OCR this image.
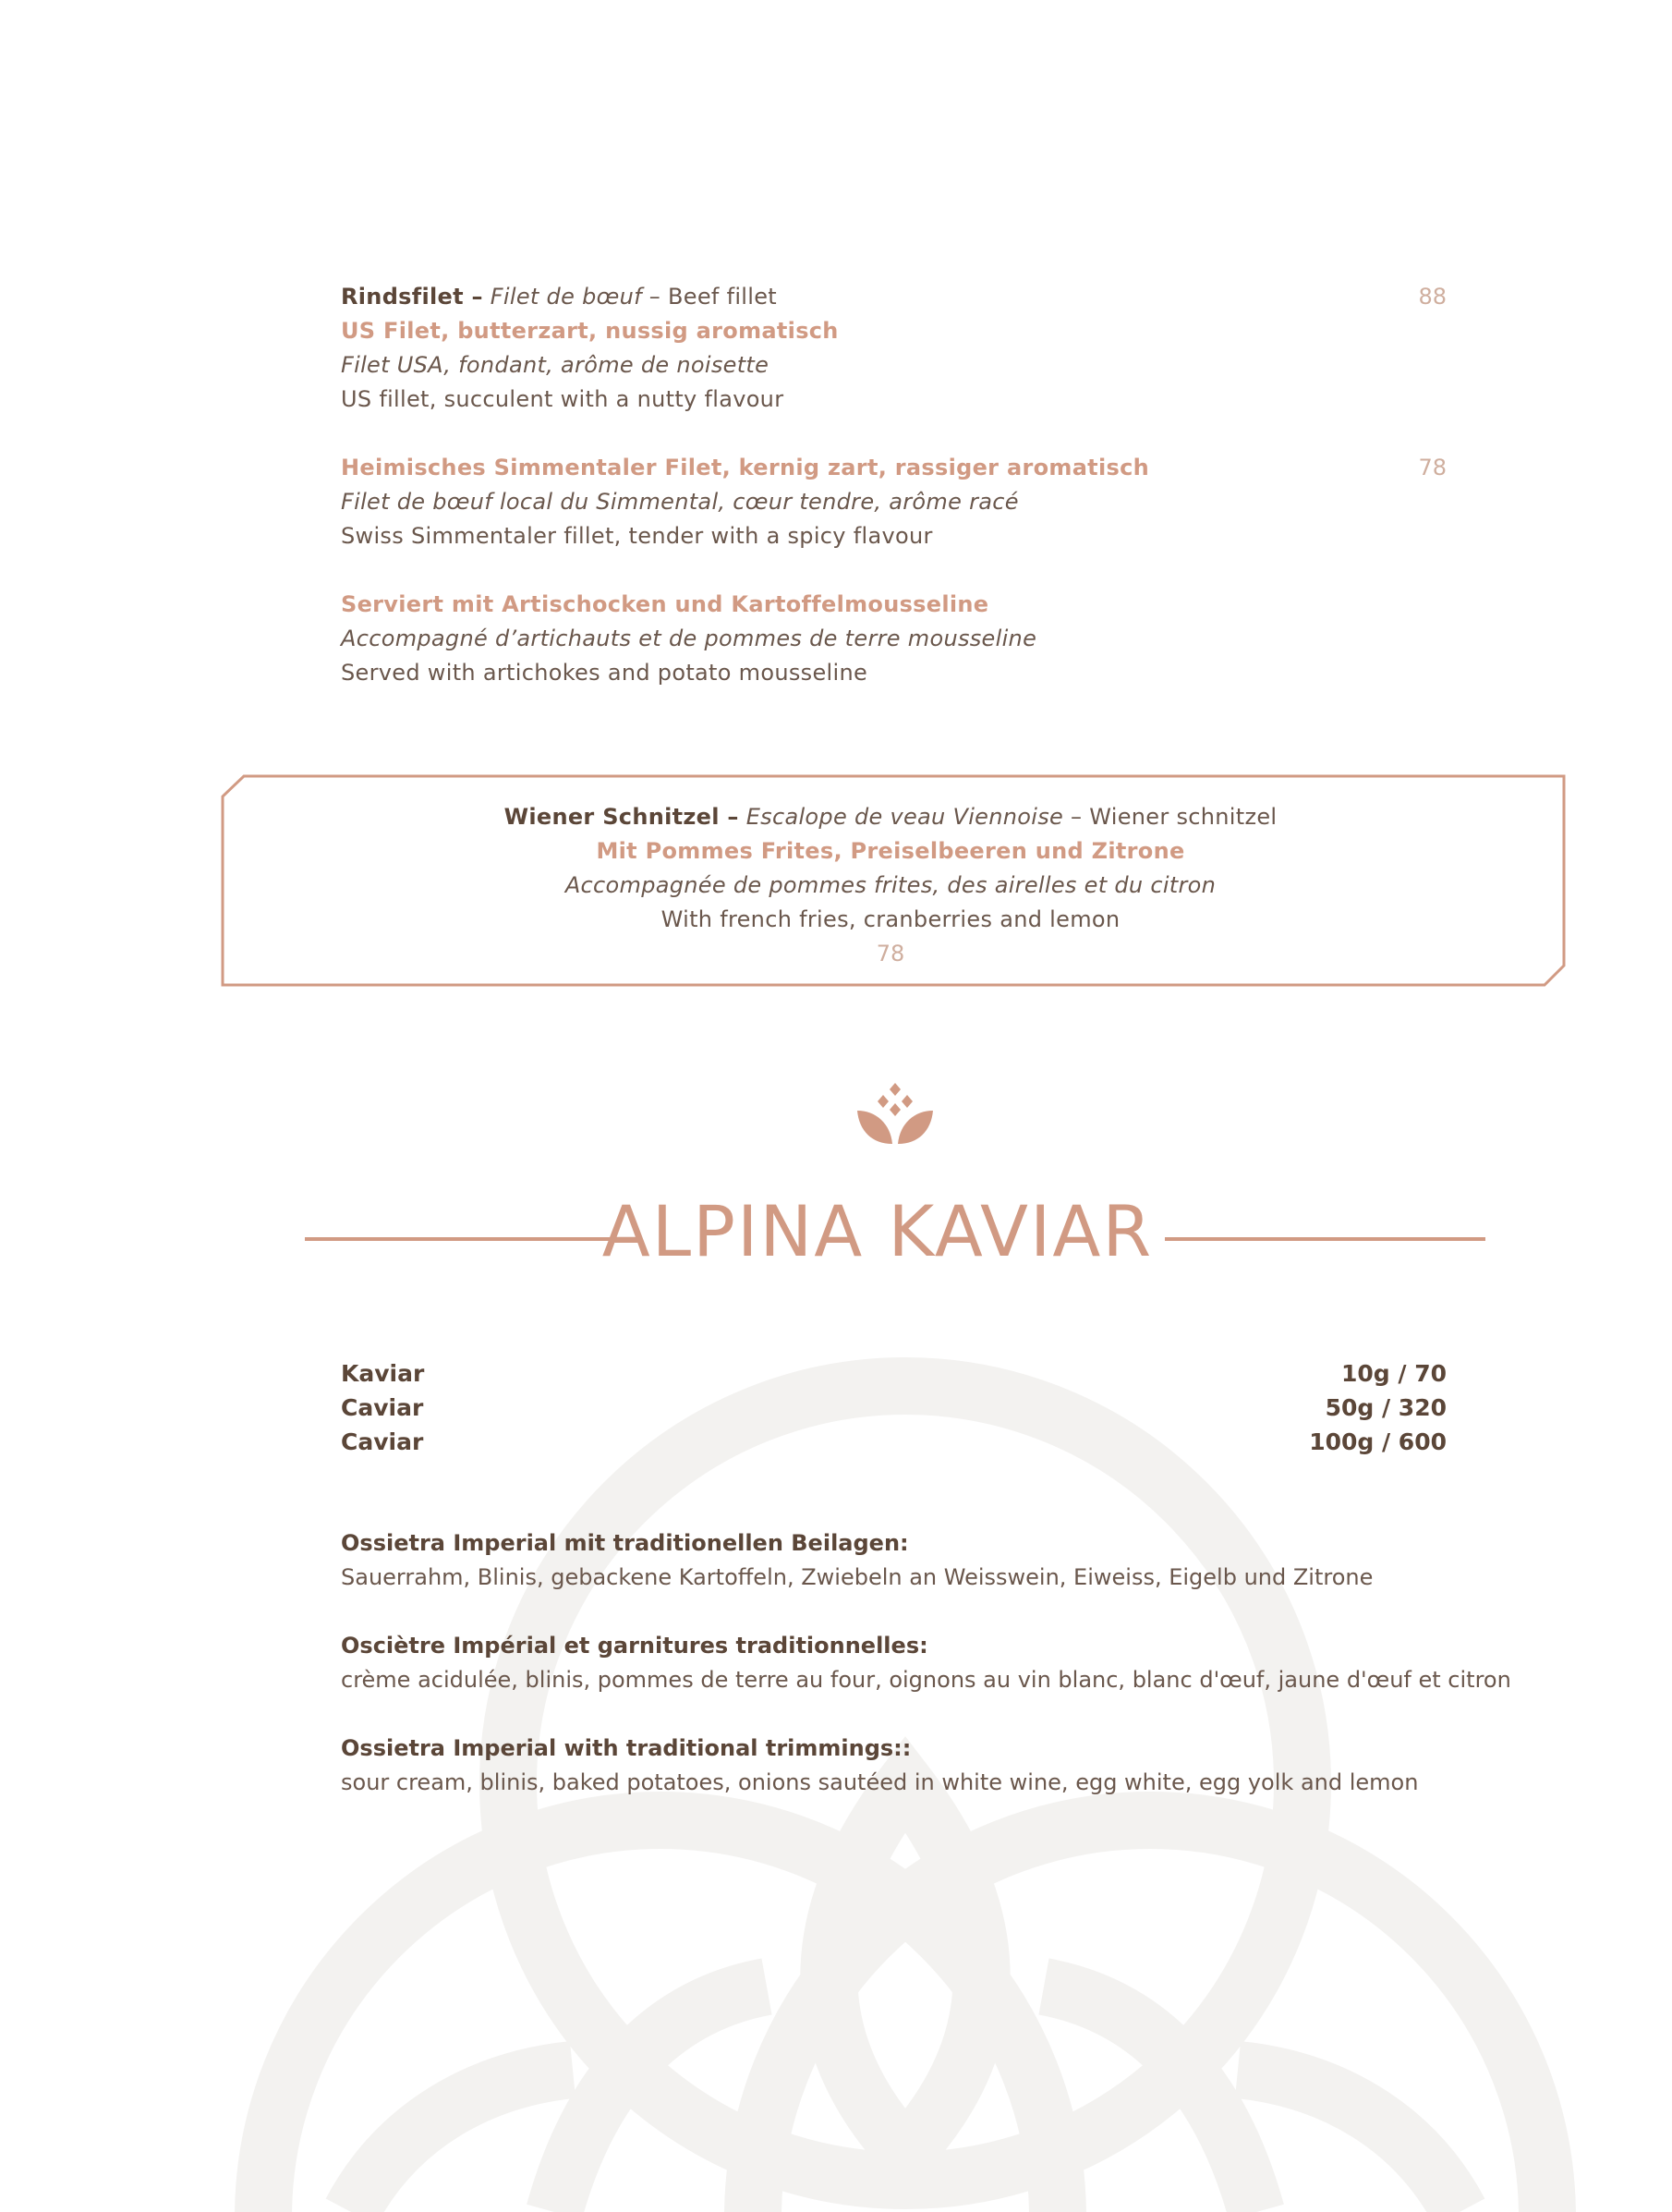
Rindsfilet – Filet de bœuf – Beef fillet	88
US Filet, butterzart, nussig aromatisch
Filet USA, fondant, arôme de noisette
US fillet, succulent with a nutty flavour
Heimisches Simmentaler Filet, kernig zart, rassiger aromatisch	78
Filet de bœuf local du Simmental, cœur tendre, arôme racé
Swiss Simmentaler fillet, tender with a spicy flavour
Serviert mit Artischocken und Kartoffelmousseline
Accompagné d’artichauts et de pommes de terre mousseline
Served with artichokes and potato mousseline
Wiener Schnitzel – Escalope de veau Viennoise – Wiener schnitzel
Mit Pommes Frites, Preiselbeeren und Zitrone
Accompagnée de pommes frites, des airelles et du citron
With french fries, cranberries and lemon
78
ALPINA KAVIAR
Kaviar	10g / 70
Caviar	50g / 320
Caviar	100g / 600
Ossietra Imperial mit traditionellen Beilagen:
Sauerrahm, Blinis, gebackene Kartoffeln, Zwiebeln an Weisswein, Eiweiss, Eigelb und Zitrone
Osciètre Impérial et garnitures traditionnelles:
crème acidulée, blinis, pommes de terre au four, oignons au vin blanc, blanc d'œuf, jaune d'œuf et citron
Ossietra Imperial with traditional trimmings::
sour cream, blinis, baked potatoes, onions sautéed in white wine, egg white, egg yolk and lemon
